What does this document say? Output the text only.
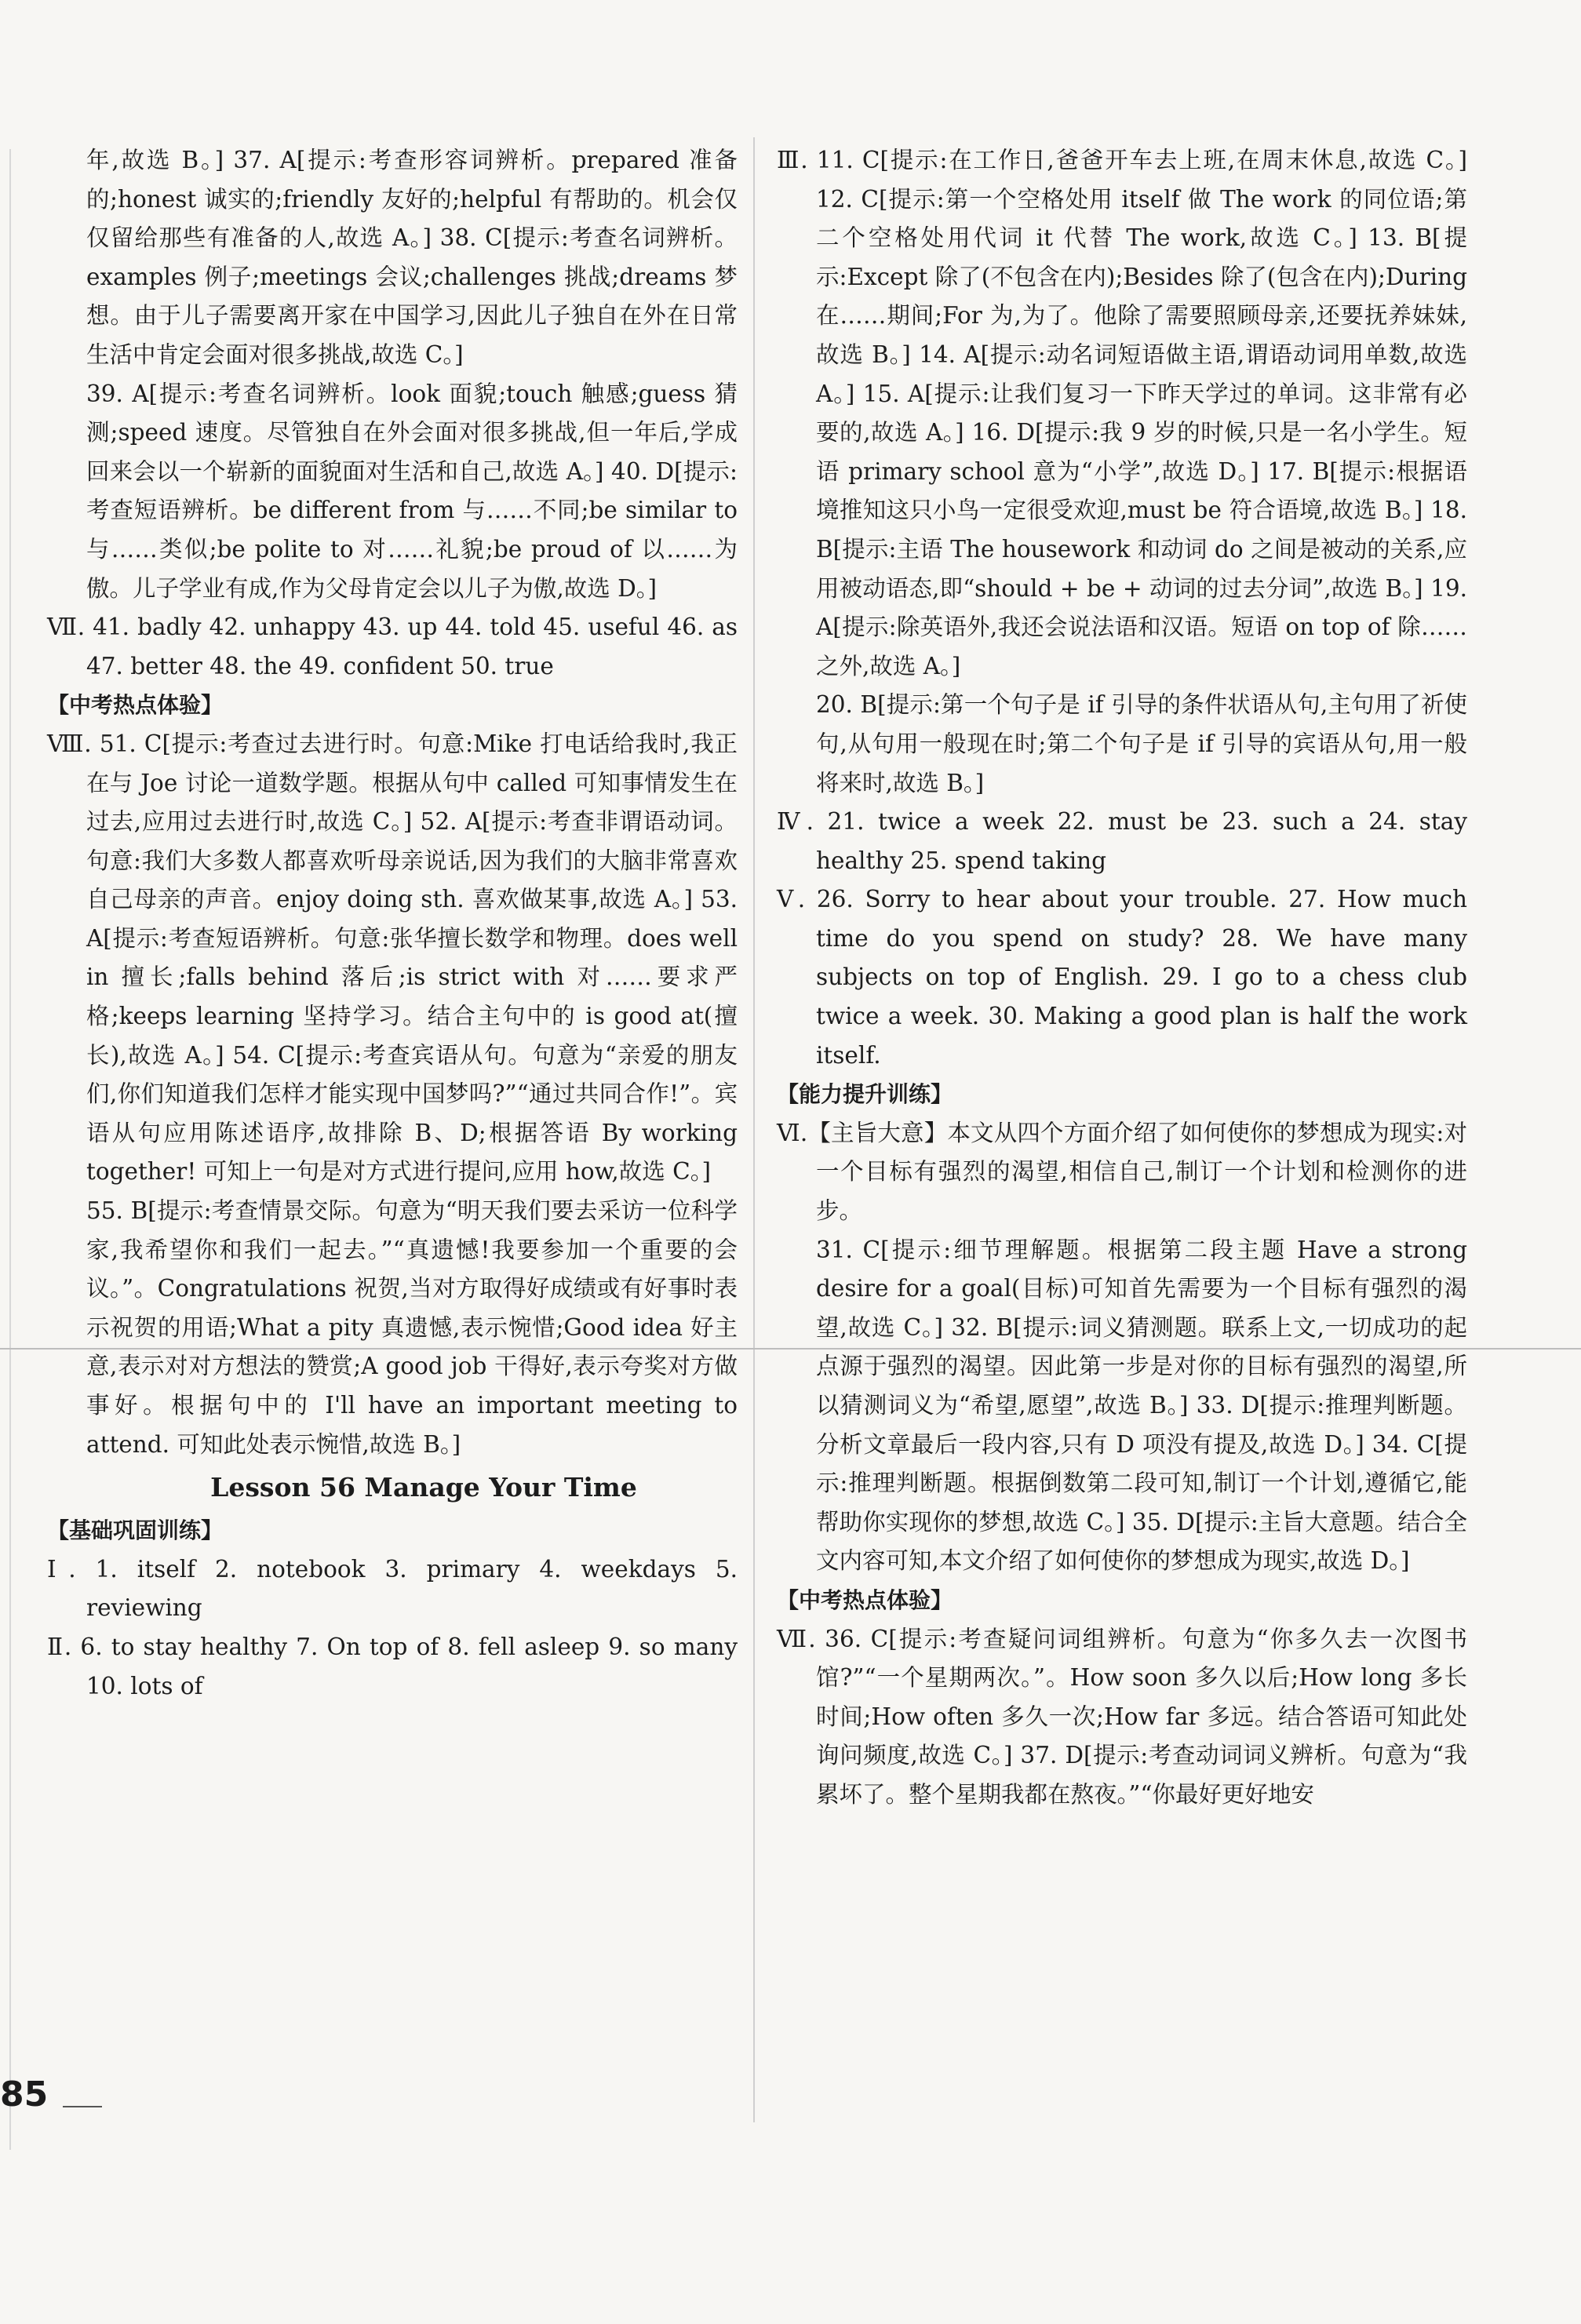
年,故选 B。] 37. A[提示:考查形容词辨析。prepared 准备的;honest 诚实的;friendly 友好的;helpful 有帮助的。机会仅仅留给那些有准备的人,故选 A。] 38. C[提示:考查名词辨析。examples 例子;meetings 会议;challenges 挑战;dreams 梦想。由于儿子需要离开家在中国学习,因此儿子独自在外在日常生活中肯定会面对很多挑战,故选 C。]

39. A[提示:考查名词辨析。look 面貌;touch 触感;guess 猜测;speed 速度。尽管独自在外会面对很多挑战,但一年后,学成回来会以一个崭新的面貌面对生活和自己,故选 A。] 40. D[提示:考查短语辨析。be different from 与……不同;be similar to 与……类似;be polite to 对……礼貌;be proud of 以……为傲。儿子学业有成,作为父母肯定会以儿子为傲,故选 D。]

Ⅶ. 41. badly 42. unhappy 43. up 44. told 45. useful 46. as 47. better 48. the 49. confident 50. true

【中考热点体验】

Ⅷ. 51. C[提示:考查过去进行时。句意:Mike 打电话给我时,我正在与 Joe 讨论一道数学题。根据从句中 called 可知事情发生在过去,应用过去进行时,故选 C。] 52. A[提示:考查非谓语动词。句意:我们大多数人都喜欢听母亲说话,因为我们的大脑非常喜欢自己母亲的声音。enjoy doing sth. 喜欢做某事,故选 A。] 53. A[提示:考查短语辨析。句意:张华擅长数学和物理。does well in 擅长;falls behind 落后;is strict with 对……要求严格;keeps learning 坚持学习。结合主句中的 is good at(擅长),故选 A。] 54. C[提示:考查宾语从句。句意为“亲爱的朋友们,你们知道我们怎样才能实现中国梦吗?”“通过共同合作!”。宾语从句应用陈述语序,故排除 B、D;根据答语 By working together! 可知上一句是对方式进行提问,应用 how,故选 C。]

55. B[提示:考查情景交际。句意为“明天我们要去采访一位科学家,我希望你和我们一起去。”“真遗憾!我要参加一个重要的会议。”。Congratulations 祝贺,当对方取得好成绩或有好事时表示祝贺的用语;What a pity 真遗憾,表示惋惜;Good idea 好主意,表示对对方想法的赞赏;A good job 干得好,表示夸奖对方做事好。根据句中的 I'll have an important meeting to attend. 可知此处表示惋惜,故选 B。]

Lesson 56 Manage Your Time

【基础巩固训练】

Ⅰ. 1. itself 2. notebook 3. primary 4. weekdays 5. reviewing

Ⅱ. 6. to stay healthy 7. On top of 8. fell asleep 9. so many 10. lots of

Ⅲ. 11. C[提示:在工作日,爸爸开车去上班,在周末休息,故选 C。] 12. C[提示:第一个空格处用 itself 做 The work 的同位语;第二个空格处用代词 it 代替 The work,故选 C。] 13. B[提示:Except 除了(不包含在内);Besides 除了(包含在内);During 在……期间;For 为,为了。他除了需要照顾母亲,还要抚养妹妹,故选 B。] 14. A[提示:动名词短语做主语,谓语动词用单数,故选 A。] 15. A[提示:让我们复习一下昨天学过的单词。这非常有必要的,故选 A。] 16. D[提示:我 9 岁的时候,只是一名小学生。短语 primary school 意为“小学”,故选 D。] 17. B[提示:根据语境推知这只小鸟一定很受欢迎,must be 符合语境,故选 B。] 18. B[提示:主语 The housework 和动词 do 之间是被动的关系,应用被动语态,即“should + be + 动词的过去分词”,故选 B。] 19. A[提示:除英语外,我还会说法语和汉语。短语 on top of 除……之外,故选 A。]

20. B[提示:第一个句子是 if 引导的条件状语从句,主句用了祈使句,从句用一般现在时;第二个句子是 if 引导的宾语从句,用一般将来时,故选 B。]

Ⅳ. 21. twice a week 22. must be 23. such a 24. stay healthy 25. spend taking

Ⅴ. 26. Sorry to hear about your trouble. 27. How much time do you spend on study? 28. We have many subjects on top of English. 29. I go to a chess club twice a week. 30. Making a good plan is half the work itself.

【能力提升训练】

Ⅵ.【主旨大意】本文从四个方面介绍了如何使你的梦想成为现实:对一个目标有强烈的渴望,相信自己,制订一个计划和检测你的进步。

31. C[提示:细节理解题。根据第二段主题 Have a strong desire for a goal(目标)可知首先需要为一个目标有强烈的渴望,故选 C。] 32. B[提示:词义猜测题。联系上文,一切成功的起点源于强烈的渴望。因此第一步是对你的目标有强烈的渴望,所以猜测词义为“希望,愿望”,故选 B。] 33. D[提示:推理判断题。分析文章最后一段内容,只有 D 项没有提及,故选 D。] 34. C[提示:推理判断题。根据倒数第二段可知,制订一个计划,遵循它,能帮助你实现你的梦想,故选 C。] 35. D[提示:主旨大意题。结合全文内容可知,本文介绍了如何使你的梦想成为现实,故选 D。]

【中考热点体验】

Ⅶ. 36. C[提示:考查疑问词组辨析。句意为“你多久去一次图书馆?”“一个星期两次。”。How soon 多久以后;How long 多长时间;How often 多久一次;How far 多远。结合答语可知此处询问频度,故选 C。] 37. D[提示:考查动词词义辨析。句意为“我累坏了。整个星期我都在熬夜。”“你最好更好地安

85
